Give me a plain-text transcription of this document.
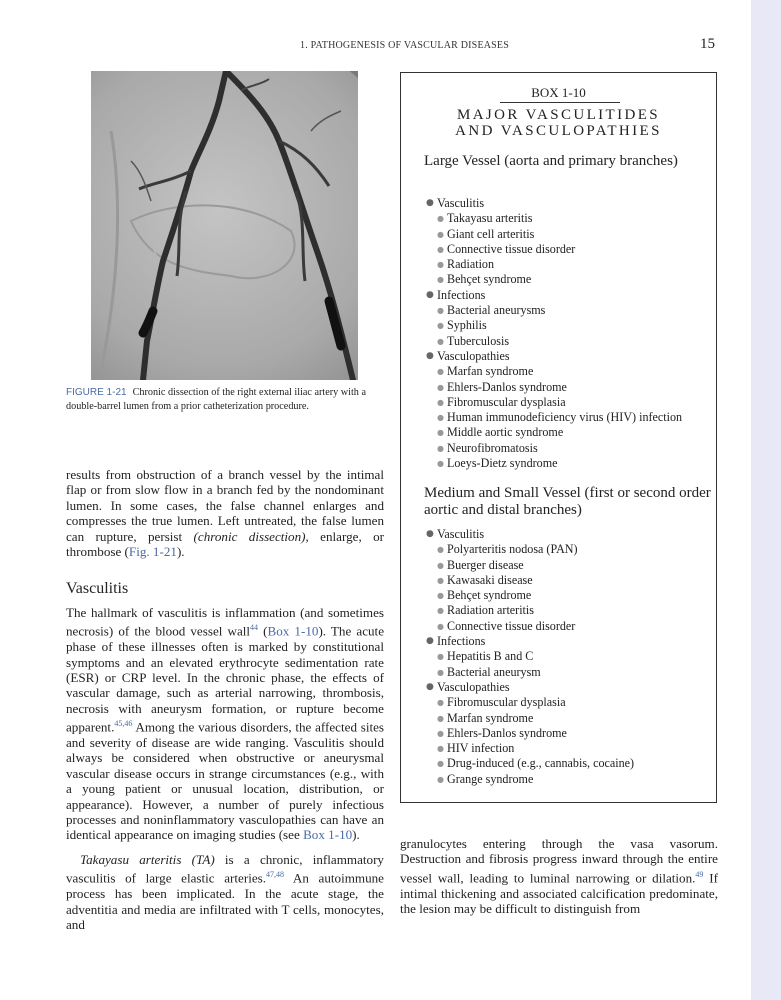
1. PATHOGENESIS OF VASCULAR DISEASES	15
FIGURE 1-21 Chronic dissection of the right external iliac artery with a double-barrel lumen from a prior catheterization procedure.
results from obstruction of a branch vessel by the intimal flap or from slow flow in a branch fed by the nondominant lumen. In some cases, the false channel enlarges and compresses the true lumen. Left untreated, the false lumen can rupture, persist (chronic dissection), enlarge, or thrombose (Fig. 1-21).
Vasculitis
The hallmark of vasculitis is inflammation (and sometimes necrosis) of the blood vessel wall$^{44}$ (Box 1-10). The acute phase of these illnesses often is marked by constitutional symptoms and an elevated erythrocyte sedimentation rate (ESR) or CRP level. In the chronic phase, the effects of vascular damage, such as arterial narrowing, thrombosis, necrosis with aneurysm formation, or rupture become apparent.$^{45,46}$ Among the various disorders, the affected sites and severity of disease are wide ranging. Vasculitis should always be considered when obstructive or aneurysmal vascular disease occurs in strange circumstances (e.g., with a young patient or unusual location, distribution, or appearance). However, a number of purely infectious processes and noninflammatory vasculopathies can have an identical appearance on imaging studies (see Box 1-10).
Takayasu arteritis (TA) is a chronic, inflammatory vasculitis of large elastic arteries.$^{47,48}$ An autoimmune process has been implicated. In the acute stage, the adventitia and media are infiltrated with T cells, monocytes, and
granulocytes entering through the vasa vasorum. Destruction and fibrosis progress inward through the entire vessel wall, leading to luminal narrowing or dilation.$^{49}$ If intimal thickening and associated calcification predominate, the lesion may be difficult to distinguish from
BOX 1-10
MAJOR VASCULITIDES
AND VASCULOPATHIES
Large Vessel (aorta and primary branches)
● Vasculitis
● Takayasu arteritis
● Giant cell arteritis
● Connective tissue disorder
● Radiation
● Behçet syndrome
● Infections
● Bacterial aneurysms
● Syphilis
● Tuberculosis
● Vasculopathies
● Marfan syndrome
● Ehlers-Danlos syndrome
● Fibromuscular dysplasia
● Human immunodeficiency virus (HIV) infection
● Middle aortic syndrome
● Neurofibromatosis
● Loeys-Dietz syndrome
Medium and Small Vessel (first or second order aortic and distal branches)
● Vasculitis
● Polyarteritis nodosa (PAN)
● Buerger disease
● Kawasaki disease
● Behçet syndrome
● Radiation arteritis
● Connective tissue disorder
● Infections
● Hepatitis B and C
● Bacterial aneurysm
● Vasculopathies
● Fibromuscular dysplasia
● Marfan syndrome
● Ehlers-Danlos syndrome
● HIV infection
● Drug-induced (e.g., cannabis, cocaine)
● Grange syndrome
